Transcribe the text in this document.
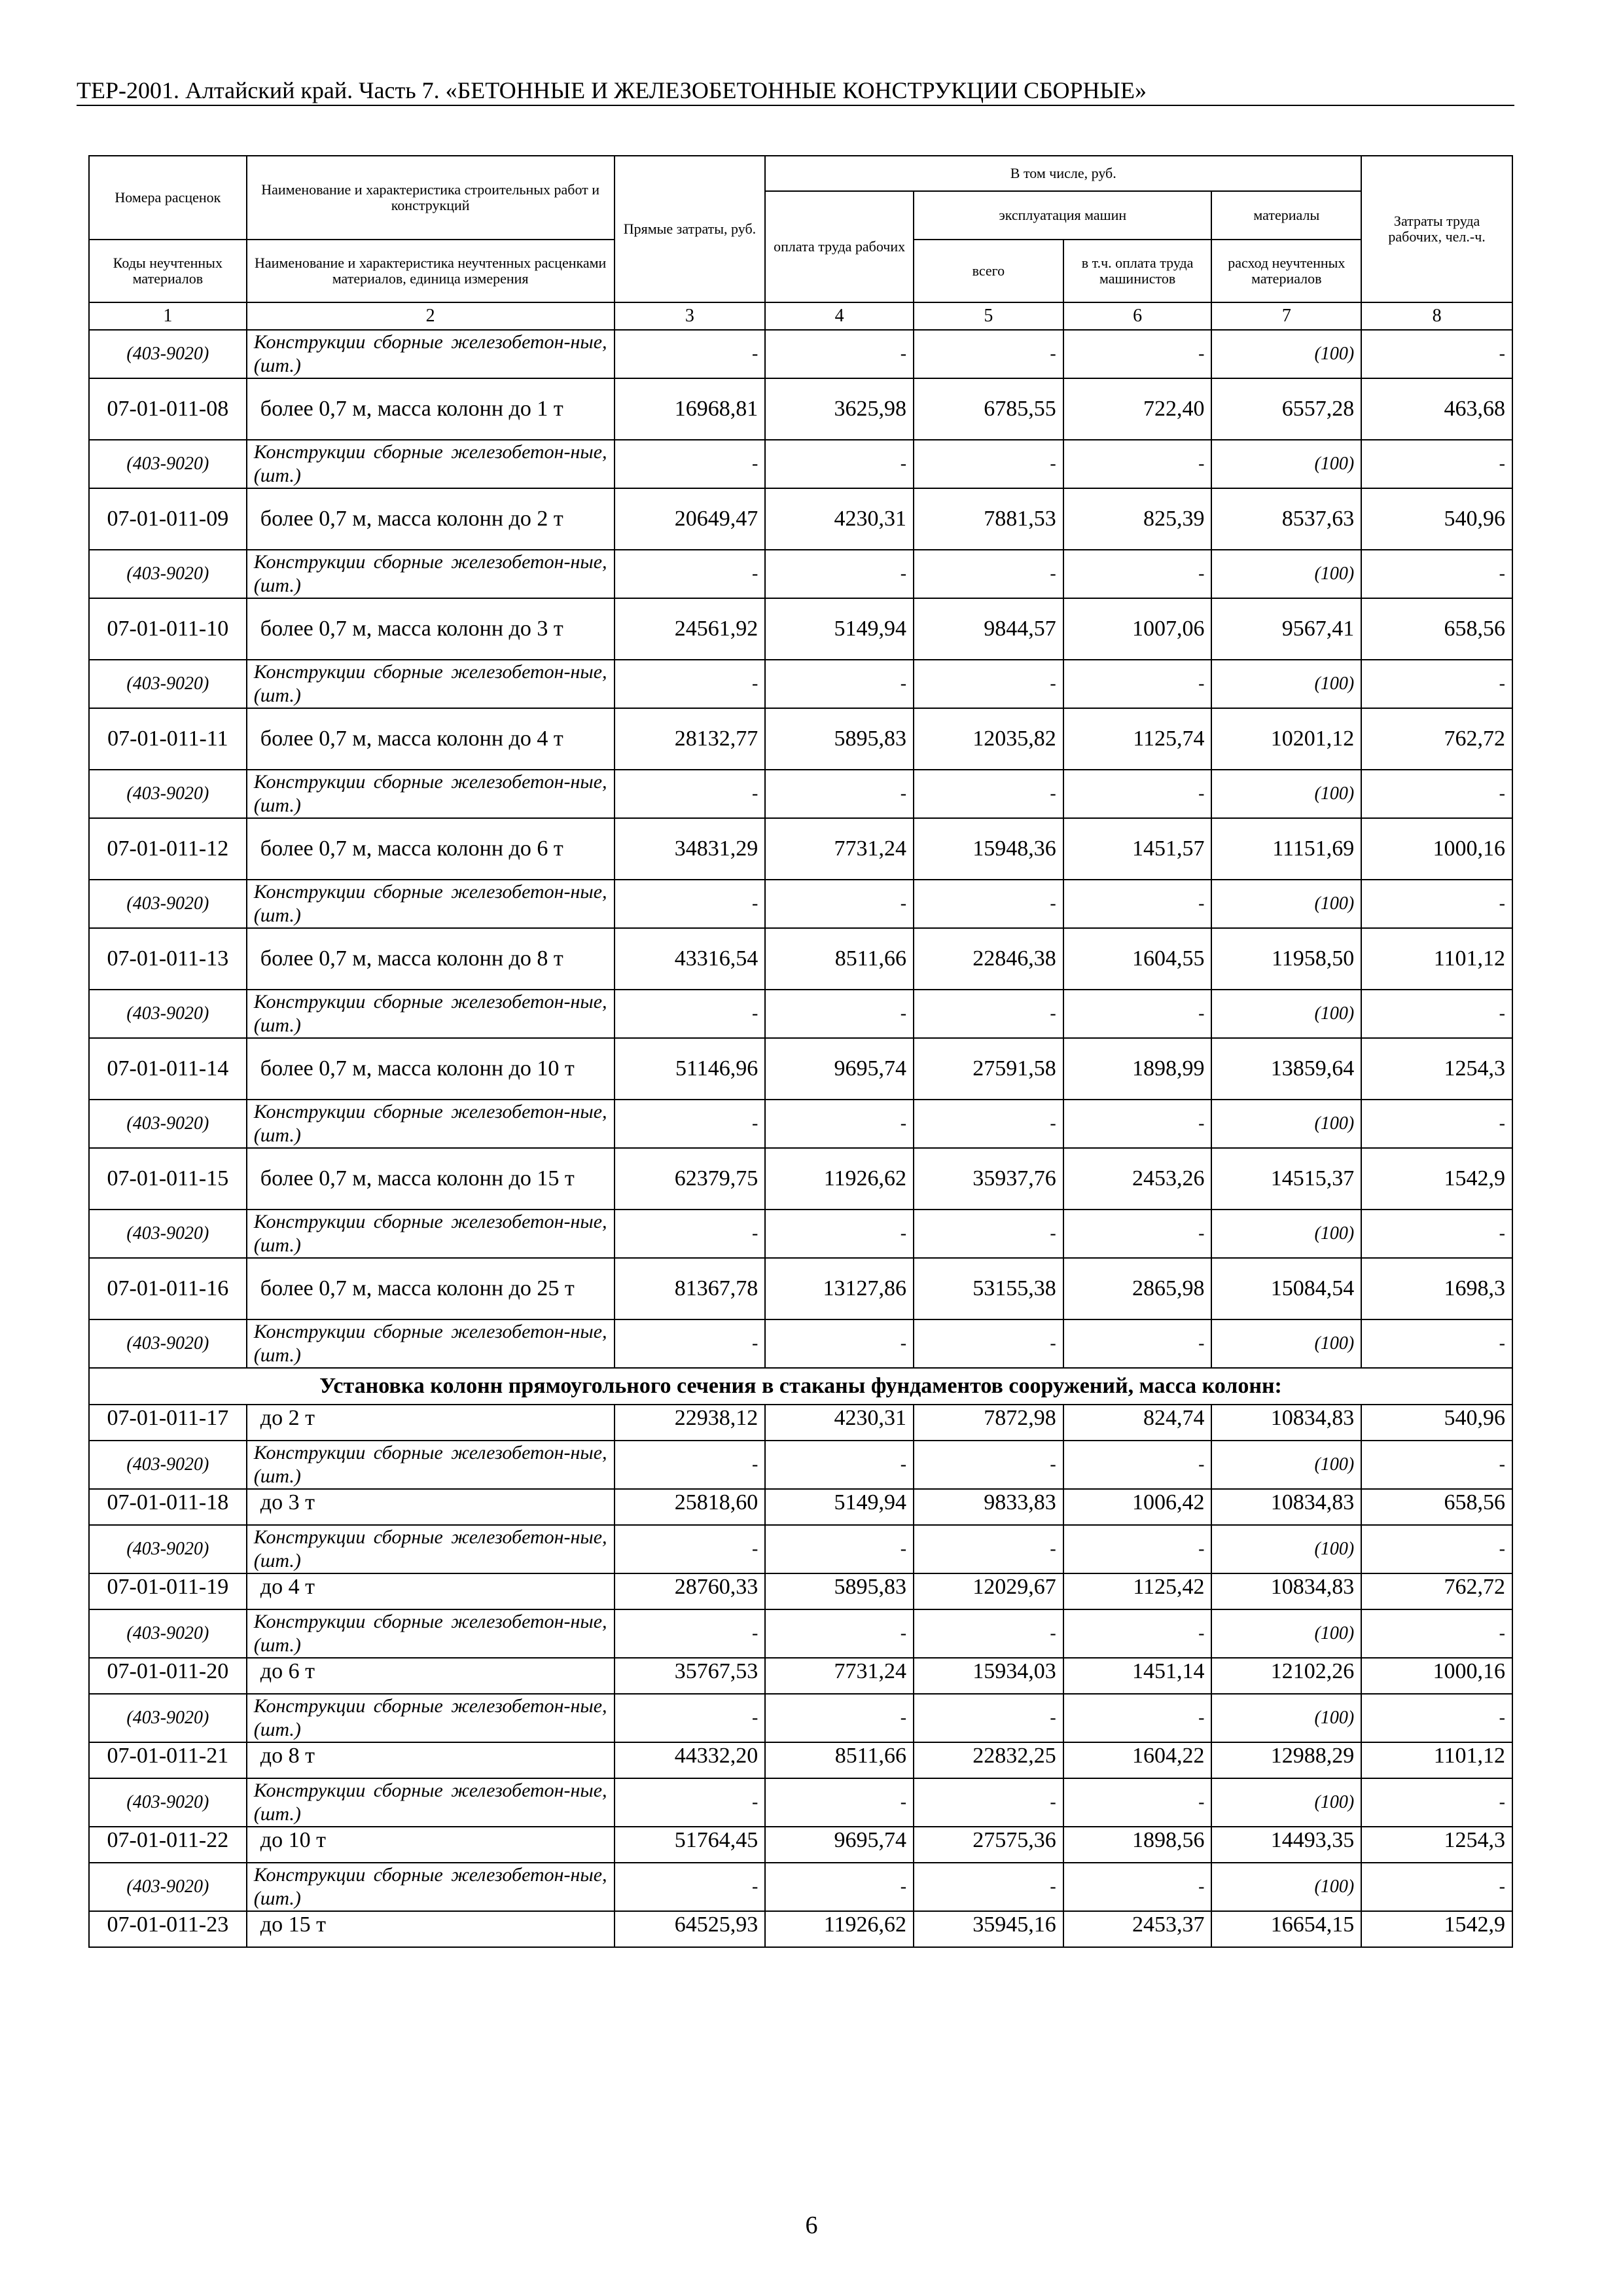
ТЕР-2001. Алтайский край. Часть 7. «БЕТОННЫЕ И ЖЕЛЕЗОБЕТОННЫЕ КОНСТРУКЦИИ СБОРНЫЕ»
Номера расценок	Наименование и характеристика строительных работ и конструкций	Прямые затраты, руб.	В том числе, руб.				Затраты труда рабочих, чел.-ч.
			оплата труда рабочих	эксплуатация машин		материалы	
Коды неучтенных материалов	Наименование и характеристика неучтенных расценками материалов, единица измерения			всего	в т.ч. оплата труда машинистов	расход неучтенных материалов	
1	2	3	4	5	6	7	8
(403-9020)	Конструкции сборные железобетон-ные, (шт.)	-	-	-	-	(100)	-
07-01-011-08	более 0,7 м, масса колонн до 1 т	16968,81	3625,98	6785,55	722,40	6557,28	463,68
(403-9020)	Конструкции сборные железобетон-ные, (шт.)	-	-	-	-	(100)	-
07-01-011-09	более 0,7 м, масса колонн до 2 т	20649,47	4230,31	7881,53	825,39	8537,63	540,96
(403-9020)	Конструкции сборные железобетон-ные, (шт.)	-	-	-	-	(100)	-
07-01-011-10	более 0,7 м, масса колонн до 3 т	24561,92	5149,94	9844,57	1007,06	9567,41	658,56
(403-9020)	Конструкции сборные железобетон-ные, (шт.)	-	-	-	-	(100)	-
07-01-011-11	более 0,7 м, масса колонн до 4 т	28132,77	5895,83	12035,82	1125,74	10201,12	762,72
(403-9020)	Конструкции сборные железобетон-ные, (шт.)	-	-	-	-	(100)	-
07-01-011-12	более 0,7 м, масса колонн до 6 т	34831,29	7731,24	15948,36	1451,57	11151,69	1000,16
(403-9020)	Конструкции сборные железобетон-ные, (шт.)	-	-	-	-	(100)	-
07-01-011-13	более 0,7 м, масса колонн до 8 т	43316,54	8511,66	22846,38	1604,55	11958,50	1101,12
(403-9020)	Конструкции сборные железобетон-ные, (шт.)	-	-	-	-	(100)	-
07-01-011-14	более 0,7 м, масса колонн до 10 т	51146,96	9695,74	27591,58	1898,99	13859,64	1254,3
(403-9020)	Конструкции сборные железобетон-ные, (шт.)	-	-	-	-	(100)	-
07-01-011-15	более 0,7 м, масса колонн до 15 т	62379,75	11926,62	35937,76	2453,26	14515,37	1542,9
(403-9020)	Конструкции сборные железобетон-ные, (шт.)	-	-	-	-	(100)	-
07-01-011-16	более 0,7 м, масса колонн до 25 т	81367,78	13127,86	53155,38	2865,98	15084,54	1698,3
(403-9020)	Конструкции сборные железобетон-ные, (шт.)	-	-	-	-	(100)	-
Установка колонн прямоугольного сечения в стаканы фундаментов сооружений, масса колонн:							
07-01-011-17	до 2 т	22938,12	4230,31	7872,98	824,74	10834,83	540,96
(403-9020)	Конструкции сборные железобетон-ные, (шт.)	-	-	-	-	(100)	-
07-01-011-18	до 3 т	25818,60	5149,94	9833,83	1006,42	10834,83	658,56
(403-9020)	Конструкции сборные железобетон-ные, (шт.)	-	-	-	-	(100)	-
07-01-011-19	до 4 т	28760,33	5895,83	12029,67	1125,42	10834,83	762,72
(403-9020)	Конструкции сборные железобетон-ные, (шт.)	-	-	-	-	(100)	-
07-01-011-20	до 6 т	35767,53	7731,24	15934,03	1451,14	12102,26	1000,16
(403-9020)	Конструкции сборные железобетон-ные, (шт.)	-	-	-	-	(100)	-
07-01-011-21	до 8 т	44332,20	8511,66	22832,25	1604,22	12988,29	1101,12
(403-9020)	Конструкции сборные железобетон-ные, (шт.)	-	-	-	-	(100)	-
07-01-011-22	до 10 т	51764,45	9695,74	27575,36	1898,56	14493,35	1254,3
(403-9020)	Конструкции сборные железобетон-ные, (шт.)	-	-	-	-	(100)	-
07-01-011-23	до 15 т	64525,93	11926,62	35945,16	2453,37	16654,15	1542,9
6
